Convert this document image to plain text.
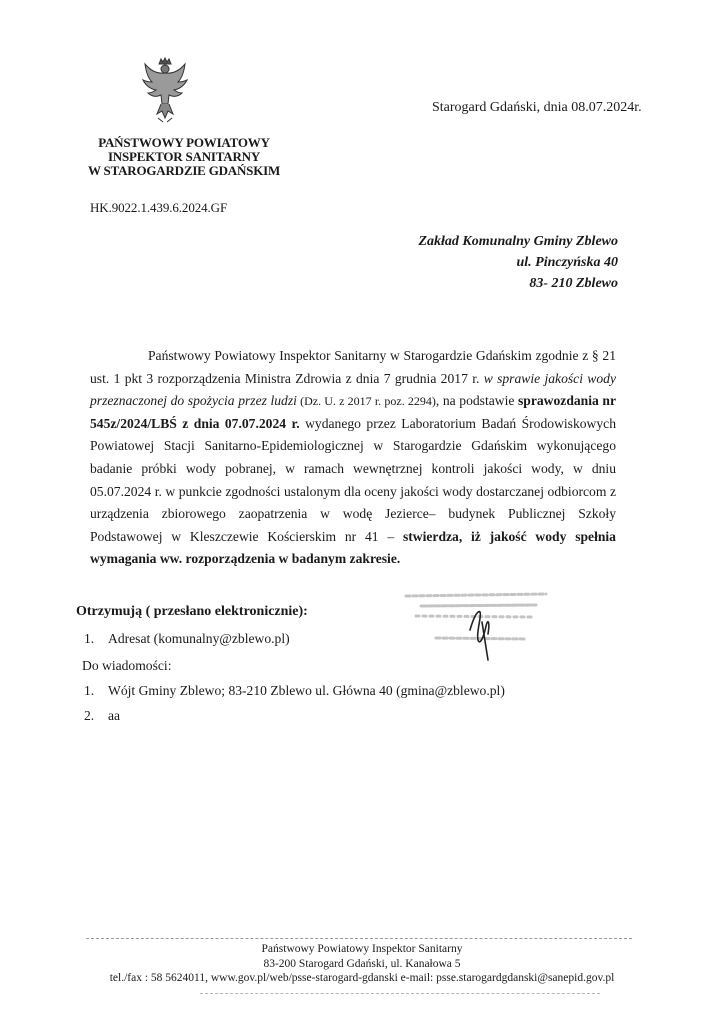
Starogard Gdański, dnia 08.07.2024r.
PAŃSTWOWY POWIATOWY
INSPEKTOR SANITARNY
W STAROGARDZIE GDAŃSKIM
HK.9022.1.439.6.2024.GF
Zakład Komunalny Gminy Zblewo
ul. Pinczyńska 40
83- 210 Zblewo

Państwowy Powiatowy Inspektor Sanitarny w Starogardzie Gdańskim zgodnie z § 21 ust. 1 pkt 3 rozporządzenia Ministra Zdrowia z dnia 7 grudnia 2017 r. w sprawie jakości wody przeznaczonej do spożycia przez ludzi (Dz. U. z 2017 r. poz. 2294), na podstawie sprawozdania nr 545z/2024/LBŚ z dnia 07.07.2024 r. wydanego przez Laboratorium Badań Środowiskowych Powiatowej Stacji Sanitarno-Epidemiologicznej w Starogardzie Gdańskim wykonującego badanie próbki wody pobranej, w ramach wewnętrznej kontroli jakości wody, w dniu 05.07.2024 r. w punkcie zgodności ustalonym dla oceny jakości wody dostarczanej odbiorcom z urządzenia zbiorowego zaopatrzenia w wodę Jezierce– budynek Publicznej Szkoły Podstawowej w Kleszczewie Kościerskim nr 41 – stwierdza, iż jakość wody spełnia wymagania ww. rozporządzenia w badanym zakresie.

Otrzymują ( przesłano elektronicznie):
1. Adresat (komunalny@zblewo.pl)
Do wiadomości:
1. Wójt Gminy Zblewo; 83-210 Zblewo ul. Główna 40 (gmina@zblewo.pl)
2. aa
Państwowy Powiatowy Inspektor Sanitarny
83-200 Starogard Gdański, ul. Kanałowa 5
tel./fax : 58 5624011, www.gov.pl/web/psse-starogard-gdanski e-mail: psse.starogardgdanski@sanepid.gov.pl
